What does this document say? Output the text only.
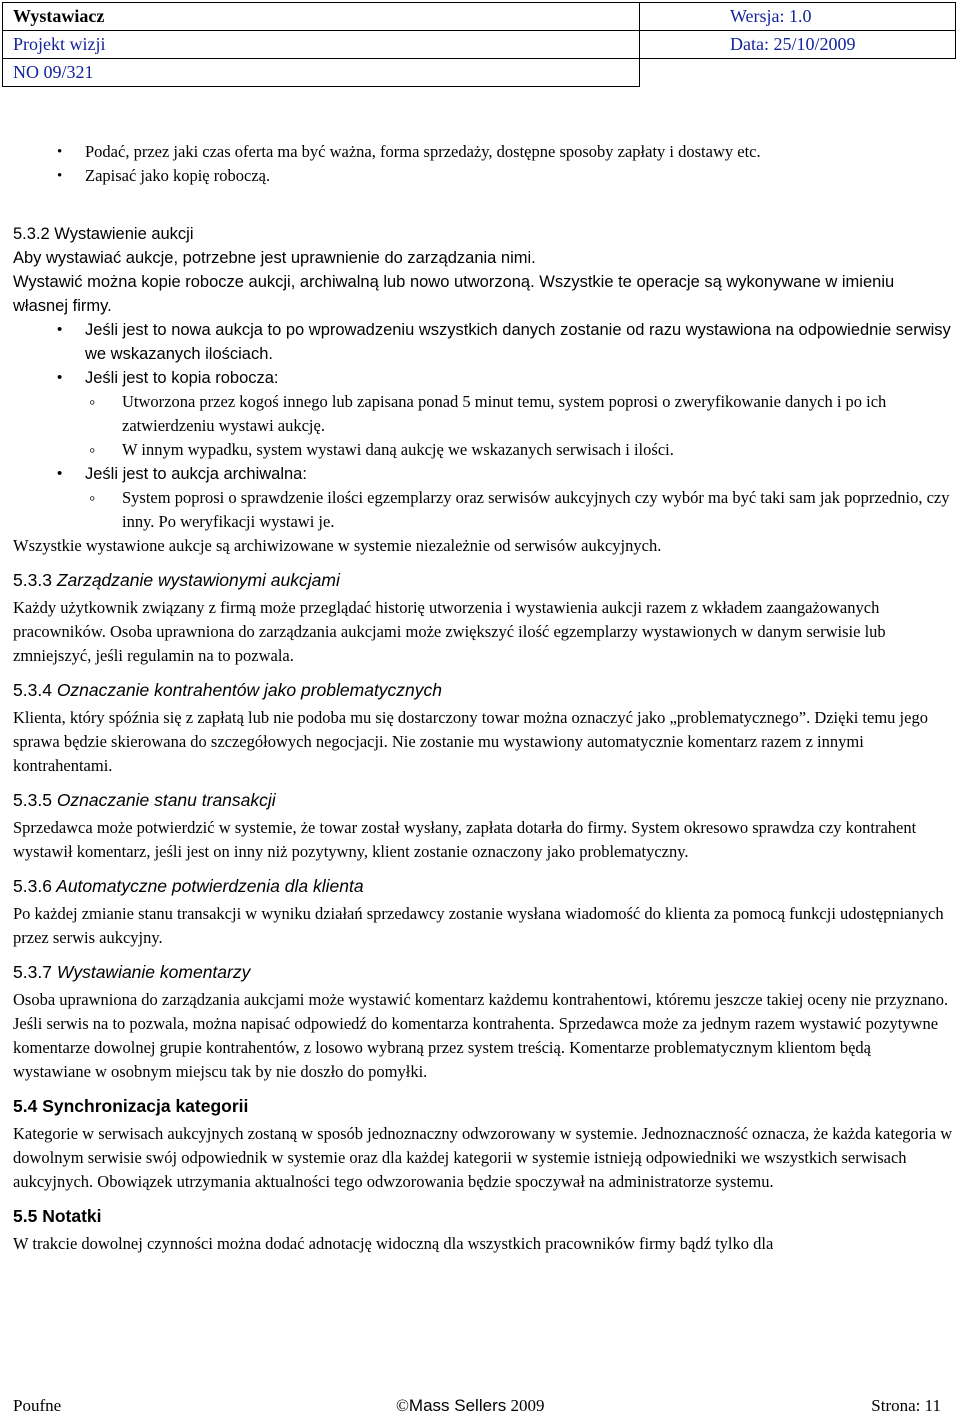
Wystawiacz	Wersja: 1.0
Projekt wizji	Data: 25/10/2009
NO 09/321	
• Podać, przez jaki czas oferta ma być ważna, forma sprzedaży, dostępne sposoby zapłaty i dostawy etc.
• Zapisać jako kopię roboczą.

5.3.2 Wystawienie aukcji

Aby wystawiać aukcje, potrzebne jest uprawnienie do zarządzania nimi.

Wystawić można kopie robocze aukcji, archiwalną lub nowo utworzoną. Wszystkie te operacje są wykonywane w imieniu własnej firmy.

• Jeśli jest to nowa aukcja to po wprowadzeniu wszystkich danych zostanie od razu wystawiona na odpowiednie serwisy we wskazanych ilościach.
• Jeśli jest to kopia robocza:
◦ Utworzona przez kogoś innego lub zapisana ponad 5 minut temu, system poprosi o zweryfikowanie danych i po ich zatwierdzeniu wystawi aukcję.
◦ W innym wypadku, system wystawi daną aukcję we wskazanych serwisach i ilości.
• Jeśli jest to aukcja archiwalna:
◦ System poprosi o sprawdzenie ilości egzemplarzy oraz serwisów aukcyjnych czy wybór ma być taki sam jak poprzednio, czy inny. Po weryfikacji wystawi je.

Wszystkie wystawione aukcje są archiwizowane w systemie niezależnie od serwisów aukcyjnych.

5.3.3 Zarządzanie wystawionymi aukcjami

Każdy użytkownik związany z firmą może przeglądać historię utworzenia i wystawienia aukcji razem z wkładem zaangażowanych pracowników. Osoba uprawniona do zarządzania aukcjami może zwiększyć ilość egzemplarzy wystawionych w danym serwisie lub zmniejszyć, jeśli regulamin na to pozwala.

5.3.4 Oznaczanie kontrahentów jako problematycznych

Klienta, który spóźnia się z zapłatą lub nie podoba mu się dostarczony towar można oznaczyć jako „problematycznego”. Dzięki temu jego sprawa będzie skierowana do szczegółowych negocjacji. Nie zostanie mu wystawiony automatycznie komentarz razem z innymi kontrahentami.

5.3.5 Oznaczanie stanu transakcji

Sprzedawca może potwierdzić w systemie, że towar został wysłany, zapłata dotarła do firmy. System okresowo sprawdza czy kontrahent wystawił komentarz, jeśli jest on inny niż pozytywny, klient zostanie oznaczony jako problematyczny.

5.3.6 Automatyczne potwierdzenia dla klienta

Po każdej zmianie stanu transakcji w wyniku działań sprzedawcy zostanie wysłana wiadomość do klienta za pomocą funkcji udostępnianych przez serwis aukcyjny.

5.3.7 Wystawianie komentarzy

Osoba uprawniona do zarządzania aukcjami może wystawić komentarz każdemu kontrahentowi, któremu jeszcze takiej oceny nie przyznano. Jeśli serwis na to pozwala, można napisać odpowiedź do komentarza kontrahenta. Sprzedawca może za jednym razem wystawić pozytywne komentarze dowolnej grupie kontrahentów, z losowo wybraną przez system treścią. Komentarze problematycznym klientom będą wystawiane w osobnym miejscu tak by nie doszło do pomyłki.

5.4 Synchronizacja kategorii

Kategorie w serwisach aukcyjnych zostaną w sposób jednoznaczny odwzorowany w systemie. Jednoznaczność oznacza, że każda kategoria w dowolnym serwisie swój odpowiednik w systemie oraz dla każdej kategorii w systemie istnieją odpowiedniki we wszystkich serwisach aukcyjnych. Obowiązek utrzymania aktualności tego odwzorowania będzie spoczywał na administratorze systemu.

5.5 Notatki

W trakcie dowolnej czynności można dodać adnotację widoczną dla wszystkich pracowników firmy bądź tylko dla

Poufne	©Mass Sellers 2009	Strona: 11
